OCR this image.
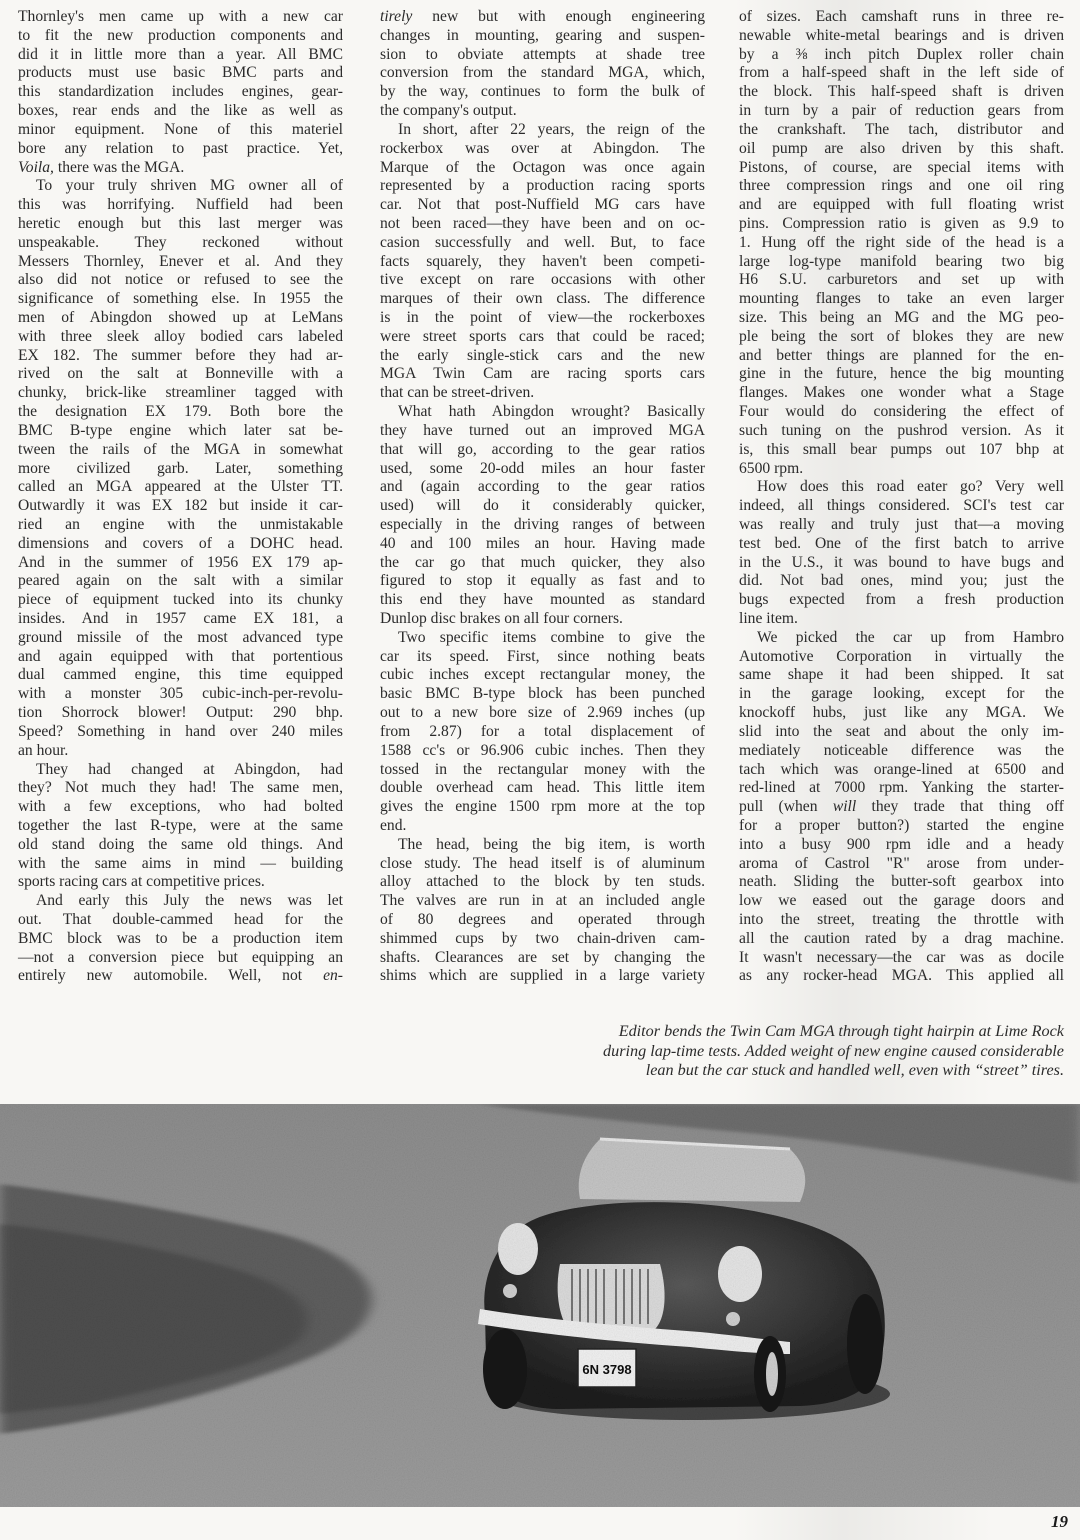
Thornley's men came up with a new car
to fit the new production components and
did it in little more than a year. All BMC
products must use basic BMC parts and
this standardization includes engines, gear-
boxes, rear ends and the like as well as
minor equipment. None of this materiel
bore any relation to past practice. Yet,
Voila, there was the MGA.
To your truly shriven MG owner all of
this was horrifying. Nuffield had been
heretic enough but this last merger was
unspeakable. They reckoned without
Messers Thornley, Enever et al. And they
also did not notice or refused to see the
significance of something else. In 1955 the
men of Abingdon showed up at LeMans
with three sleek alloy bodied cars labeled
EX 182. The summer before they had ar-
rived on the salt at Bonneville with a
chunky, brick-like streamliner tagged with
the designation EX 179. Both bore the
BMC B-type engine which later sat be-
tween the rails of the MGA in somewhat
more civilized garb. Later, something
called an MGA appeared at the Ulster TT.
Outwardly it was EX 182 but inside it car-
ried an engine with the unmistakable
dimensions and covers of a DOHC head.
And in the summer of 1956 EX 179 ap-
peared again on the salt with a similar
piece of equipment tucked into its chunky
insides. And in 1957 came EX 181, a
ground missile of the most advanced type
and again equipped with that portentious
dual cammed engine, this time equipped
with a monster 305 cubic-inch-per-revolu-
tion Shorrock blower! Output: 290 bhp.
Speed? Something in hand over 240 miles
an hour.
They had changed at Abingdon, had
they? Not much they had! The same men,
with a few exceptions, who had bolted
together the last R-type, were at the same
old stand doing the same old things. And
with the same aims in mind — building
sports racing cars at competitive prices.
And early this July the news was let
out. That double-cammed head for the
BMC block was to be a production item
—not a conversion piece but equipping an
entirely new automobile. Well, not en-
tirely new but with enough engineering
changes in mounting, gearing and suspen-
sion to obviate attempts at shade tree
conversion from the standard MGA, which,
by the way, continues to form the bulk of
the company's output.
In short, after 22 years, the reign of the
rockerbox was over at Abingdon. The
Marque of the Octagon was once again
represented by a production racing sports
car. Not that post-Nuffield MG cars have
not been raced—they have been and on oc-
casion successfully and well. But, to face
facts squarely, they haven't been competi-
tive except on rare occasions with other
marques of their own class. The difference
is in the point of view—the rockerboxes
were street sports cars that could be raced;
the early single-stick cars and the new
MGA Twin Cam are racing sports cars
that can be street-driven.
What hath Abingdon wrought? Basically
they have turned out an improved MGA
that will go, according to the gear ratios
used, some 20-odd miles an hour faster
and (again according to the gear ratios
used) will do it considerably quicker,
especially in the driving ranges of between
40 and 100 miles an hour. Having made
the car go that much quicker, they also
figured to stop it equally as fast and to
this end they have mounted as standard
Dunlop disc brakes on all four corners.
Two specific items combine to give the
car its speed. First, since nothing beats
cubic inches except rectangular money, the
basic BMC B-type block has been punched
out to a new bore size of 2.969 inches (up
from 2.87) for a total displacement of
1588 cc's or 96.906 cubic inches. Then they
tossed in the rectangular money with the
double overhead cam head. This little item
gives the engine 1500 rpm more at the top
end.
The head, being the big item, is worth
close study. The head itself is of aluminum
alloy attached to the block by ten studs.
The valves are run in at an included angle
of 80 degrees and operated through
shimmed cups by two chain-driven cam-
shafts. Clearances are set by changing the
shims which are supplied in a large variety
of sizes. Each camshaft runs in three re-
newable white-metal bearings and is driven
by a ⅜ inch pitch Duplex roller chain
from a half-speed shaft in the left side of
the block. This half-speed shaft is driven
in turn by a pair of reduction gears from
the crankshaft. The tach, distributor and
oil pump are also driven by this shaft.
Pistons, of course, are special items with
three compression rings and one oil ring
and are equipped with full floating wrist
pins. Compression ratio is given as 9.9 to
1. Hung off the right side of the head is a
large log-type manifold bearing two big
H6 S.U. carburetors and set up with
mounting flanges to take an even larger
size. This being an MG and the MG peo-
ple being the sort of blokes they are new
and better things are planned for the en-
gine in the future, hence the big mounting
flanges. Makes one wonder what a Stage
Four would do considering the effect of
such tuning on the pushrod version. As it
is, this small bear pumps out 107 bhp at
6500 rpm.
How does this road eater go? Very well
indeed, all things considered. SCI's test car
was really and truly just that—a moving
test bed. One of the first batch to arrive
in the U.S., it was bound to have bugs and
did. Not bad ones, mind you; just the
bugs expected from a fresh production
line item.
We picked the car up from Hambro
Automotive Corporation in virtually the
same shape it had been shipped. It sat
in the garage looking, except for the
knockoff hubs, just like any MGA. We
slid into the seat and about the only im-
mediately noticeable difference was the
tach which was orange-lined at 6500 and
red-lined at 7000 rpm. Yanking the starter-
pull (when will they trade that thing off
for a proper button?) started the engine
into a busy 900 rpm idle and a heady
aroma of Castrol "R" arose from under-
neath. Sliding the butter-soft gearbox into
low we eased out the garage doors and
into the street, treating the throttle with
all the caution rated by a drag machine.
It wasn't necessary—the car was as docile
as any rocker-head MGA. This applied all
Editor bends the Twin Cam MGA through tight hairpin at Lime Rock
during lap-time tests. Added weight of new engine caused considerable
lean but the car stuck and handled well, even with “street” tires.
6N 3798
19
